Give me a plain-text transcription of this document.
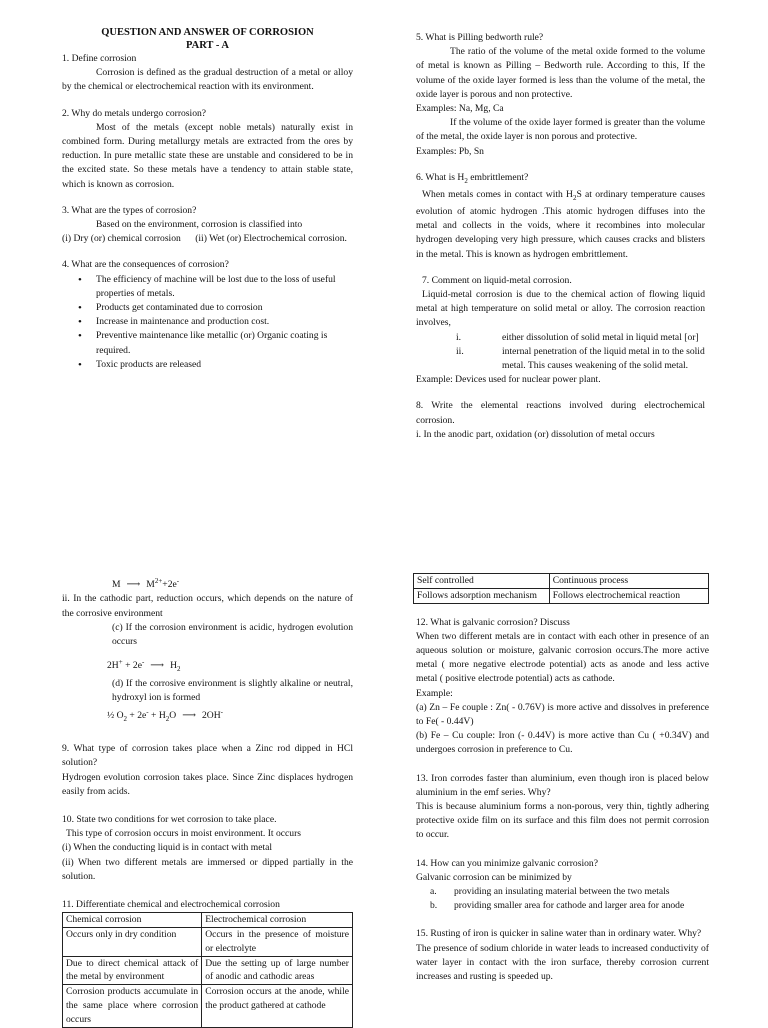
QUESTION AND ANSWER OF CORROSION
PART - A

1. Define corrosion

Corrosion is defined as the gradual destruction of a metal or alloy by the chemical or electrochemical reaction with its environment.

2. Why do metals undergo corrosion?

Most of the metals (except noble metals) naturally exist in combined form. During metallurgy metals are extracted from the ores by reduction. In pure metallic state these are unstable and considered to be in the excited state. So these metals have a tendency to attain stable state, which is known as corrosion.

3. What are the types of corrosion?

Based on the environment, corrosion is classified into

(i) Dry (or) chemical corrosion      (ii) Wet (or) Electrochemical corrosion.

4. What are the consequences of corrosion?

• The efficiency of machine will be lost due to the loss of useful properties of metals.
• Products get contaminated due to corrosion
• Increase in maintenance and production cost.
• Preventive maintenance like metallic (or) Organic coating is required.
• Toxic products are released

5. What is Pilling bedworth rule?

The ratio of the volume of the metal oxide formed to the volume of metal is known as Pilling – Bedworth rule. According to this, If the volume of the oxide layer formed is less than the volume of the metal, the oxide layer is porous and non protective.

Examples: Na, Mg, Ca

If the volume of the oxide layer formed is greater than the volume of the metal, the oxide layer is non porous and protective.

Examples: Pb, Sn

6. What is $H_2$ embrittlement?

When metals comes in contact with $H_2S$ at ordinary temperature causes evolution of atomic hydrogen .This atomic hydrogen diffuses into the metal and collects in the voids, where it recombines into molecular hydrogen developing very high pressure, which causes cracks and blisters in the metal. This is known as hydrogen embrittlement.

7. Comment on liquid-metal corrosion.

Liquid-metal corrosion is due to the chemical action of flowing liquid metal at high temperature on solid metal or alloy. The corrosion reaction involves,

i.	either dissolution of solid metal in liquid metal [or]
ii.	internal penetration of the liquid metal in to the solid metal. This causes weakening of the solid metal.

Example: Devices used for nuclear power plant.

8. Write the elemental reactions involved during electrochemical corrosion.

i. In the anodic part, oxidation (or) dissolution of metal occurs

M ⟶ $M^{2+}+2e^-$

ii. In the cathodic part, reduction occurs, which depends on the nature of the corrosive environment

(c) If the corrosion environment is acidic, hydrogen evolution occurs

2H+ + 2e- ⟶ $H_2$

(d) If the corrosive environment is slightly alkaline or neutral, hydroxyl ion is formed

½ $O_2 + 2e^- + H_2O$ ⟶ 2OH-

9. What type of corrosion takes place when a Zinc rod dipped in HCl solution?

Hydrogen evolution corrosion takes place. Since Zinc displaces hydrogen easily from acids.

10. State two conditions for wet corrosion to take place.

This type of corrosion occurs in moist environment. It occurs

(i) When the conducting liquid is in contact with metal

(ii) When two different metals are immersed or dipped partially in the solution.

11. Differentiate chemical and electrochemical corrosion

Chemical corrosion	Electrochemical corrosion
Occurs only in dry condition	Occurs in the presence of moisture or electrolyte
Due to direct chemical attack of the metal by environment	Due the setting up of large number of anodic and cathodic areas
Corrosion products accumulate in the same place where corrosion occurs	Corrosion occurs at the anode, while the product gathered at cathode
Self controlled	Continuous process
Follows adsorption mechanism	Follows electrochemical reaction

12. What is galvanic corrosion? Discuss

When two different metals are in contact with each other in presence of an aqueous solution or moisture, galvanic corrosion occurs.The more active metal ( more negative electrode potential) acts as anode and less active metal ( positive electrode potential) acts as cathode.

Example:

(a) Zn – Fe couple : Zn( - 0.76V) is more active and dissolves in preference to Fe( - 0.44V)

(b) Fe – Cu couple: Iron (- 0.44V) is more active than Cu ( +0.34V) and undergoes corrosion in preference to Cu.

13. Iron corrodes faster than aluminium, even though iron is placed below aluminium in the emf series. Why?

This is because aluminium forms a non-porous, very thin, tightly adhering protective oxide film on its surface and this film does not permit corrosion to occur.

14. How can you minimize galvanic corrosion?

Galvanic corrosion can be minimized by

a.	providing an insulating material between the two metals
b.	providing smaller area for cathode and larger area for anode

15. Rusting of iron is quicker in saline water than in ordinary water. Why?

The presence of sodium chloride in water leads to increased conductivity of water layer in contact with the iron surface, thereby corrosion current increases and rusting is speeded up.
